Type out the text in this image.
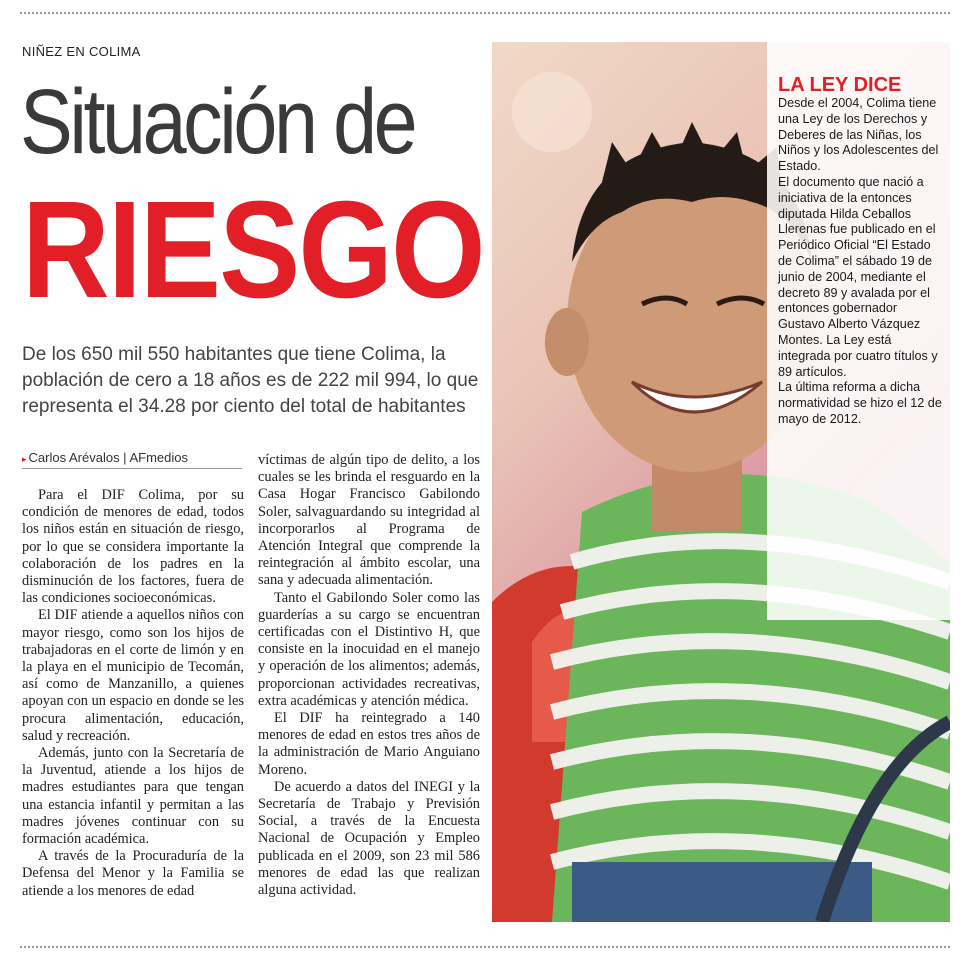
NIÑEZ EN COLIMA
Situación de
RIESGO
De los 650 mil 550 habitantes que tiene Colima, la población de cero a 18 años es de 222 mil 994, lo que representa el 34.28 por ciento del total de habitantes
▸ Carlos Arévalos | AFmedios

Para el DIF Colima, por su condición de menores de edad, todos los niños están en situación de riesgo, por lo que se considera importante la colaboración de los padres en la disminución de los factores, fuera de las condiciones socioeconómicas.

El DIF atiende a aquellos niños con mayor riesgo, como son los hijos de trabajadoras en el corte de limón y en la playa en el municipio de Tecomán, así como de Manzanillo, a quienes apoyan con un espacio en donde se les procura alimentación, educación, salud y recreación.

Además, junto con la Secretaría de la Juventud, atiende a los hijos de madres estudiantes para que tengan una estancia infantil y permitan a las madres jóvenes continuar con su formación académica.

A través de la Procuraduría de la Defensa del Menor y la Familia se atiende a los menores de edad

víctimas de algún tipo de delito, a los cuales se les brinda el resguardo en la Casa Hogar Francisco Gabilondo Soler, salvaguardando su integridad al incorporarlos al Programa de Atención Integral que comprende la reintegración al ámbito escolar, una sana y adecuada alimentación.

Tanto el Gabilondo Soler como las guarderías a su cargo se encuentran certificadas con el Distintivo H, que consiste en la inocuidad en el manejo y operación de los alimentos; además, proporcionan actividades recreativas, extra académicas y atención médica.

El DIF ha reintegrado a 140 menores de edad en estos tres años de la administración de Mario Anguiano Moreno.

De acuerdo a datos del INEGI y la Secretaría de Trabajo y Previsión Social, a través de la Encuesta Nacional de Ocupación y Empleo publicada en el 2009, son 23 mil 586 menores de edad las que realizan alguna actividad.

LA LEY DICE

Desde el 2004, Colima tiene una Ley de los Derechos y Deberes de las Niñas, los Niños y los Adolescentes del Estado.

El documento que nació a iniciativa de la entonces diputada Hilda Ceballos Llerenas fue publicado en el Periódico Oficial “El Estado de Colima” el sábado 19 de junio de 2004, mediante el decreto 89 y avalada por el entonces gobernador Gustavo Alberto Vázquez Montes. La Ley está integrada por cuatro títulos y 89 artículos.

La última reforma a dicha normatividad se hizo el 12 de mayo de 2012.
